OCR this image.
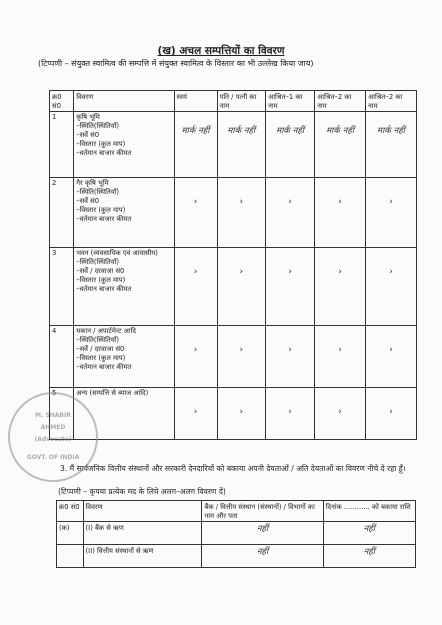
(ख) अचल सम्पत्तियों का विवरण
(टिप्पणी – संयुक्त स्वामित्व की सम्पत्ति में संयुक्त स्वामित्व के विस्तार का भी उल्लेख किया जाय)
क्र0 सं0	विवरण	स्वयं	पति / पत्नी का नाम	आश्रित–1 का नाम	आश्रित–2 का नाम	आश्रित–2 का नाम
1	कृषि भूमि
–स्थिति(स्थितियॉं)
–सर्वे सं0
–विस्तार (कुल माप)
–वर्तमान बाजार कीमत	मार्क नहीं	मार्क नहीं	मार्क नहीं	मार्क नहीं	मार्क नहीं

2	गैर कृषि भूमि
–स्थिति(स्थितियॉं)
–सर्वे सं0
–विस्तार (कुल माप)
–वर्तमान बाजार कीमत	›	›	›	›	›

3	भवन (व्यवसायिक एवं आवासीय)
–स्थिति(स्थितियॉं)
–सर्वे / दरवाजा सं0
–विस्तार (कुल माप)
–वर्तमान बाजार कीमत	›	›	›	›	›

4	मकान / अपार्टमेन्ट आदि
–स्थिति(स्थितियॉं)
–सर्वे / दरवाजा सं0
–विस्तार (कुल माप)
–वर्तमान बाजार कीमत	›	›	›	›	›

5	अन्य (सम्पत्ति से ब्याज आदि)	›	›	›	›	›
3. मैं सार्वजनिक वित्तीय संस्थानों और सरकारी देनदारियों को बकाया अपनी देयताओं / अति देयताओं का विवरण नीचे दे रहा हूँ।
(टिप्पणी – कृपया प्रत्येक मद के लिये अलग–अलग विवरण दें)
क्र0 सं0	विवरण	बैंक / वित्तीय संस्थान (संस्थानों) / विभागों का नाम और पता	दिनांक ............ को बकाया राशि
(क)	(I) बैंक से ऋण	नहीं	नहीं

	(II) वित्तीय संस्थानों से ऋण	नहीं	नहीं
M. SHABIR
AHMED
(Advocate)
GOVT. OF INDIA
